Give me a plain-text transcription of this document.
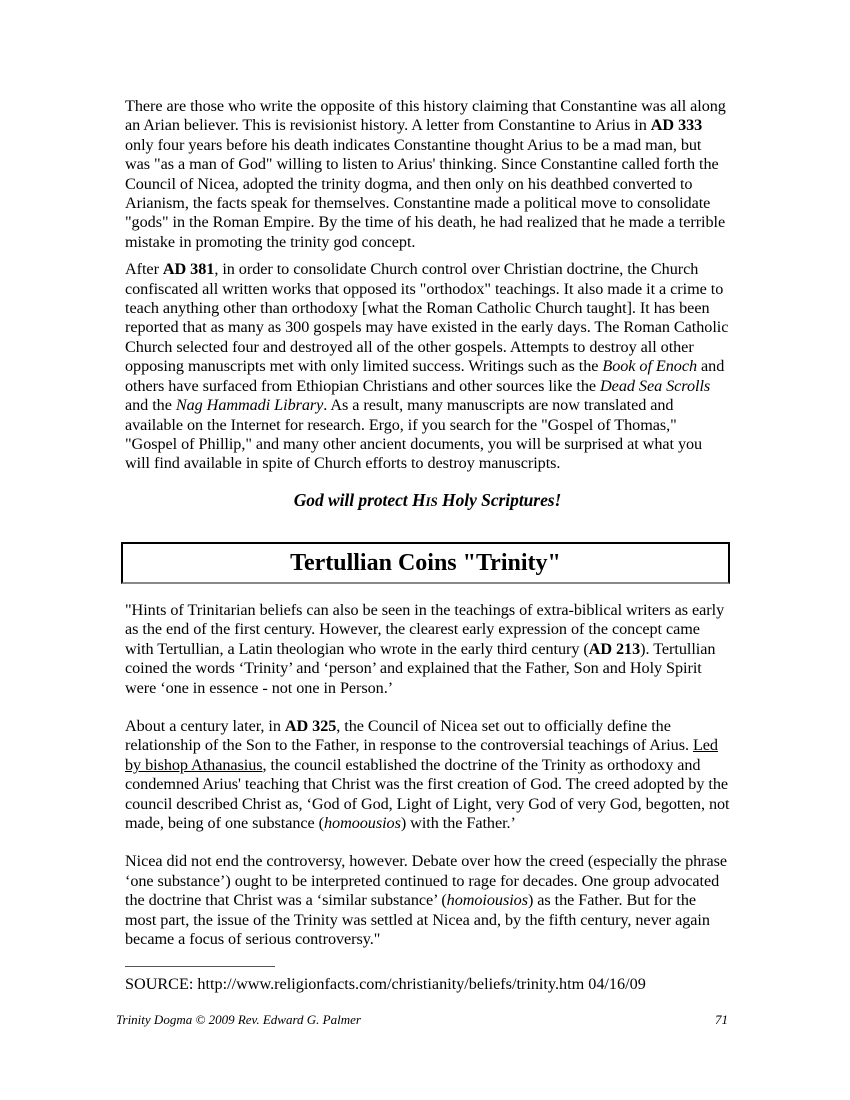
There are those who write the opposite of this history claiming that Constantine was all along an Arian believer. This is revisionist history. A letter from Constantine to Arius in AD 333 only four years before his death indicates Constantine thought Arius to be a mad man, but was "as a man of God" willing to listen to Arius' thinking. Since Constantine called forth the Council of Nicea, adopted the trinity dogma, and then only on his deathbed converted to Arianism, the facts speak for themselves. Constantine made a political move to consolidate "gods" in the Roman Empire. By the time of his death, he had realized that he made a terrible mistake in promoting the trinity god concept.

After AD 381, in order to consolidate Church control over Christian doctrine, the Church confiscated all written works that opposed its "orthodox" teachings. It also made it a crime to teach anything other than orthodoxy [what the Roman Catholic Church taught]. It has been reported that as many as 300 gospels may have existed in the early days. The Roman Catholic Church selected four and destroyed all of the other gospels. Attempts to destroy all other opposing manuscripts met with only limited success. Writings such as the Book of Enoch and others have surfaced from Ethiopian Christians and other sources like the Dead Sea Scrolls and the Nag Hammadi Library. As a result, many manuscripts are now translated and available on the Internet for research. Ergo, if you search for the "Gospel of Thomas," "Gospel of Phillip," and many other ancient documents, you will be surprised at what you will find available in spite of Church efforts to destroy manuscripts.

God will protect HIS Holy Scriptures!

Tertullian Coins "Trinity"

"Hints of Trinitarian beliefs can also be seen in the teachings of extra-biblical writers as early as the end of the first century. However, the clearest early expression of the concept came with Tertullian, a Latin theologian who wrote in the early third century (AD 213). Tertullian coined the words ‘Trinity’ and ‘person’ and explained that the Father, Son and Holy Spirit were ‘one in essence - not one in Person.’

About a century later, in AD 325, the Council of Nicea set out to officially define the relationship of the Son to the Father, in response to the controversial teachings of Arius. Led by bishop Athanasius, the council established the doctrine of the Trinity as orthodoxy and condemned Arius' teaching that Christ was the first creation of God. The creed adopted by the council described Christ as, ‘God of God, Light of Light, very God of very God, begotten, not made, being of one substance (homoousios) with the Father.’

Nicea did not end the controversy, however. Debate over how the creed (especially the phrase ‘one substance’) ought to be interpreted continued to rage for decades. One group advocated the doctrine that Christ was a ‘similar substance’ (homoiousios) as the Father. But for the most part, the issue of the Trinity was settled at Nicea and, by the fifth century, never again became a focus of serious controversy."

SOURCE: http://www.religionfacts.com/christianity/beliefs/trinity.htm 04/16/09
Trinity Dogma © 2009 Rev. Edward G. Palmer	71
